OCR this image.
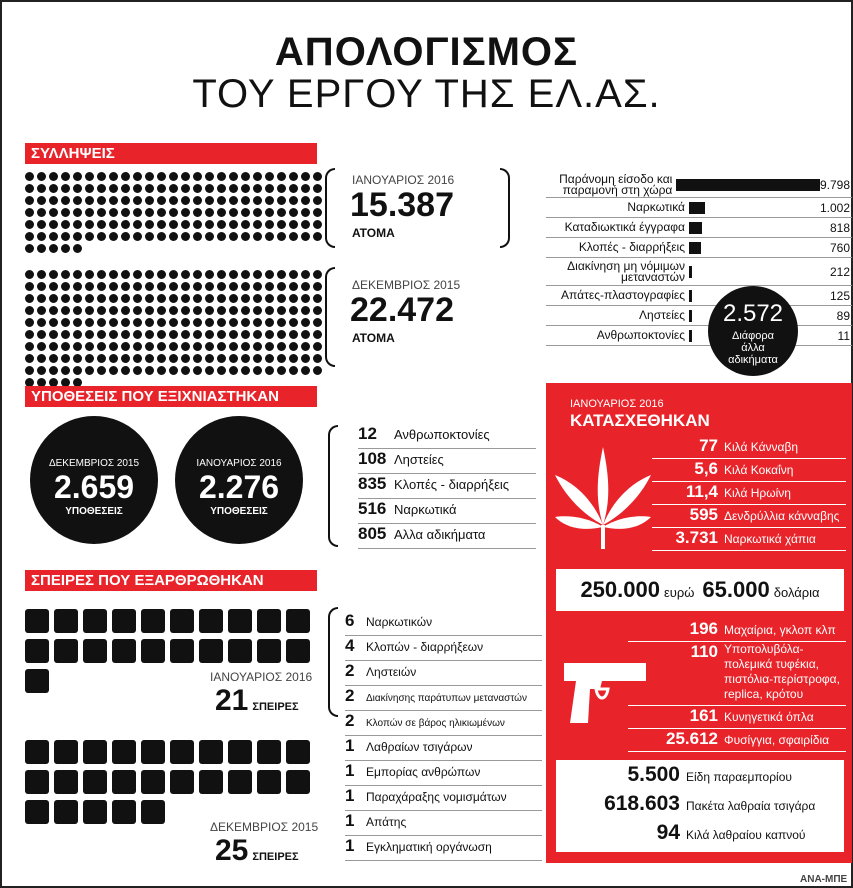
ΑΠΟΛΟΓΙΣΜΟΣ
ΤΟΥ ΕΡΓΟΥ ΤΗΣ ΕΛ.ΑΣ.
ΣΥΛΛΗΨΕΙΣ
ΙΑΝΟΥΑΡΙΟΣ 2016
15.387
ΑΤΟΜΑ
ΔΕΚΕΜΒΡΙΟΣ 2015
22.472
ΑΤΟΜΑ
Παράνομη είσοδο και παραμονή στη χώρα	9.798
Ναρκωτικά	1.002
Καταδιωκτικά έγγραφα	818
Κλοπές - διαρρήξεις	760
Διακίνηση μη νόμιμων μεταναστών	212
Απάτες-πλαστογραφίες	125
Ληστείες	89
Ανθρωποκτονίες	11
2.572
Διάφορα άλλα αδικήματα
ΥΠΟΘΕΣΕΙΣ ΠΟΥ ΕΞΙΧΝΙΑΣΤΗΚΑΝ
ΔΕΚΕΜΒΡΙΟΣ 2015
2.659
ΥΠΟΘΕΣΕΙΣ
ΙΑΝΟΥΑΡΙΟΣ 2016
2.276
ΥΠΟΘΕΣΕΙΣ
12	Ανθρωποκτονίες
108 Ληστείες
835 Κλοπές - διαρρήξεις
516 Ναρκωτικά
805 Αλλα αδικήματα
ΙΑΝΟΥΑΡΙΟΣ 2016
ΚΑΤΑΣΧΕΘΗΚΑΝ
77 Κιλά Κάνναβη
5,6 Κιλά Κοκαΐνη
11,4 Κιλά Ηρωίνη
595 Δενδρύλλια κάνναβης
3.731 Ναρκωτικά χάπια
250.000 ευρώ 65.000 δολάρια
196 Μαχαίρια, γκλοπ κλπ
110 Υποπολυβόλα-πολεμικά τυφέκια, πιστόλια-περίστροφα, replica, κρότου
161 Κυνηγετικά όπλα
25.612 Φυσίγγια, σφαιρίδια
5.500 Είδη παραεμπορίου
618.603 Πακέτα λαθραία τσιγάρα
94 Κιλά λαθραίου καπνού
ΣΠΕΙΡΕΣ ΠΟΥ ΕΞΑΡΘΡΩΘΗΚΑΝ
ΙΑΝΟΥΑΡΙΟΣ 2016
21 ΣΠΕΙΡΕΣ
ΔΕΚΕΜΒΡΙΟΣ 2015
25 ΣΠΕΙΡΕΣ
6 Ναρκωτικών
4 Κλοπών - διαρρήξεων
2 Ληστειών
2	Διακίνησης παράτυπων μεταναστών
2	Κλοπών σε βάρος ηλικιωμένων
1 Λαθραίων τσιγάρων
1 Εμπορίας ανθρώπων
1 Παραχάραξης νομισμάτων
1 Απάτης
1 Εγκληματική οργάνωση
ΑΝΑ-ΜΠΕ
